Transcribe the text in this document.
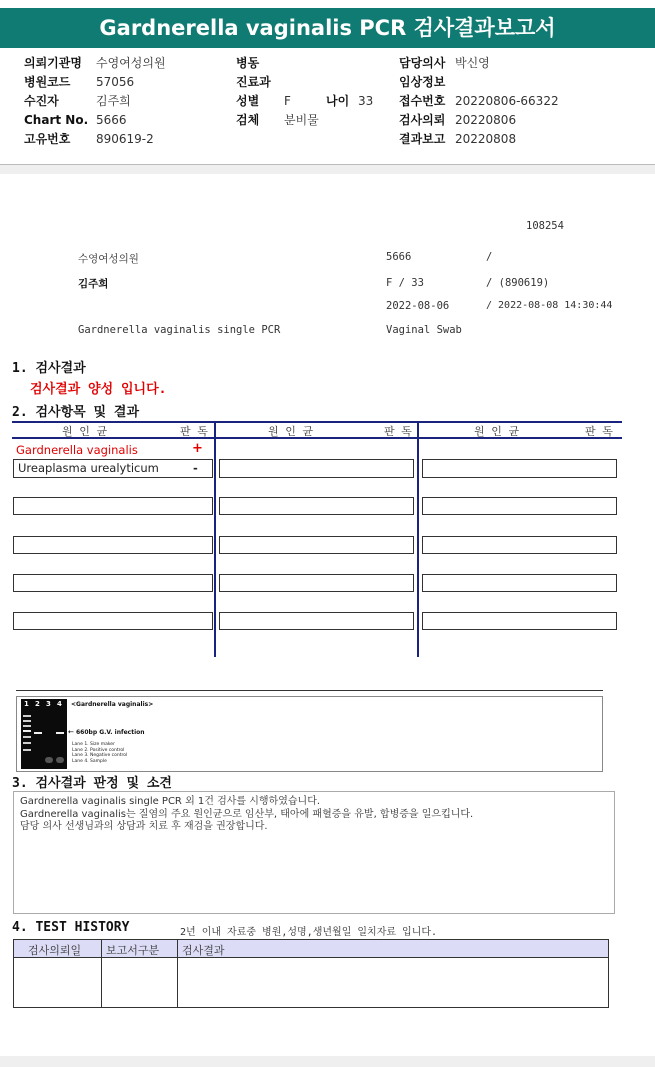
Gardnerella vaginalis PCR 검사결과보고서
의뢰기관명 수영여성의원
병원코드 57056
수진자	김주희
Chart No. 5666
고유번호 890619-2
병동
진료과
성별 F	나이 33
검체 분비물
담당의사 박신영
임상정보
접수번호 20220806-66322
검사의뢰 20220806
결과보고 20220808
108254
수영여성의원	5666	/
김주희	F / 33	/ (890619)
2022-08-06	/ 2022-08-08 14:30:44
Gardnerella vaginalis single PCR	Vaginal Swab
1. 검사결과
검사결과 양성 입니다.
2. 검사항목 및 결과
원 인 균	판 독	원 인 균	판 독	원 인 균	판 독
Gardnerella vaginalis	+
Ureaplasma urealyticum	-
1 2 3 4 <Gardnerella vaginalis>
← 660bp G.V. infection
Lane 1. Size maker
Lane 2. Positive control
Lane 3. Negative control
Lane 4. Sample
3. 검사결과 판정 및 소견
Gardnerella vaginalis single PCR 외 1건 검사를 시행하였습니다.
Gardnerella vaginalis는 질염의 주요 원인균으로 임산부, 태아에 패혈증을 유발, 합병증을 일으킵니다.
담당 의사 선생님과의 상담과 치료 후 재검을 권장합니다.
4. TEST HISTORY	2년 이내 자료중 병원,성명,생년월일 일치자료 입니다.
검사의뢰일 보고서구분 검사결과
